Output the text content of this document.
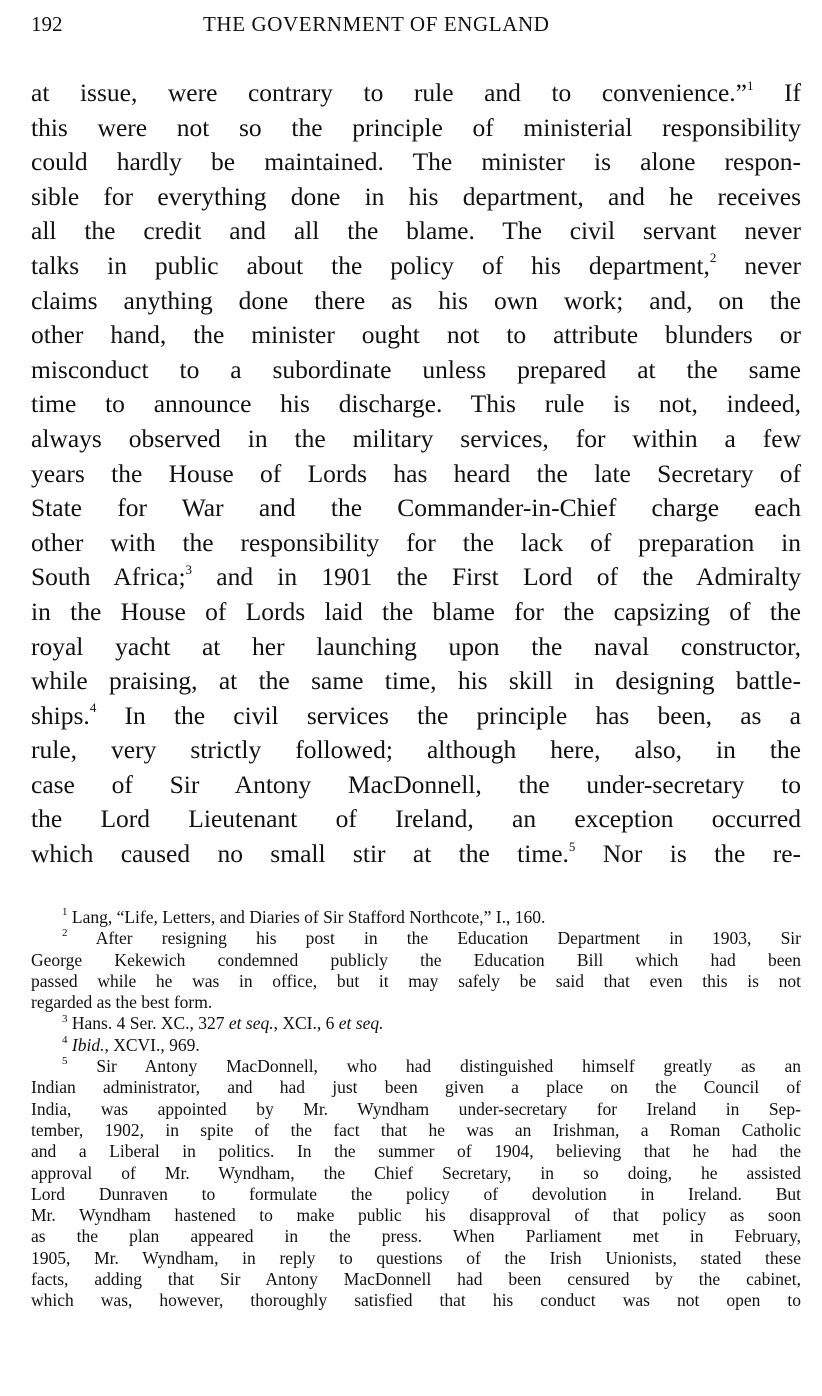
192	THE GOVERNMENT OF ENGLAND
at issue, were contrary to rule and to convenience.”$^1$ If
this were not so the principle of ministerial responsibility
could hardly be maintained. The minister is alone respon-
sible for everything done in his department, and he receives
all the credit and all the blame. The civil servant never
talks in public about the policy of his department,$^2$ never
claims anything done there as his own work; and, on the
other hand, the minister ought not to attribute blunders or
misconduct to a subordinate unless prepared at the same
time to announce his discharge. This rule is not, indeed,
always observed in the military services, for within a few
years the House of Lords has heard the late Secretary of
State for War and the Commander-in-Chief charge each
other with the responsibility for the lack of preparation in
South Africa;$^3$ and in 1901 the First Lord of the Admiralty
in the House of Lords laid the blame for the capsizing of the
royal yacht at her launching upon the naval constructor,
while praising, at the same time, his skill in designing battle-
ships.$^4$ In the civil services the principle has been, as a
rule, very strictly followed; although here, also, in the
case of Sir Antony MacDonnell, the under-secretary to
the Lord Lieutenant of Ireland, an exception occurred
which caused no small stir at the time.$^5$ Nor is the re-
$^1$ Lang, “Life, Letters, and Diaries of Sir Stafford Northcote,” I., 160.
$^2$ After resigning his post in the Education Department in 1903, Sir
George Kekewich condemned publicly the Education Bill which had been
passed while he was in office, but it may safely be said that even this is not
regarded as the best form.
$^3$ Hans. 4 Ser. XC., 327 et seq., XCI., 6 et seq.
$^4$ Ibid., XCVI., 969.
$^5$ Sir Antony MacDonnell, who had distinguished himself greatly as an
Indian administrator, and had just been given a place on the Council of
India, was appointed by Mr. Wyndham under-secretary for Ireland in Sep-
tember, 1902, in spite of the fact that he was an Irishman, a Roman Catholic
and a Liberal in politics. In the summer of 1904, believing that he had the
approval of Mr. Wyndham, the Chief Secretary, in so doing, he assisted
Lord Dunraven to formulate the policy of devolution in Ireland. But
Mr. Wyndham hastened to make public his disapproval of that policy as soon
as the plan appeared in the press. When Parliament met in February,
1905, Mr. Wyndham, in reply to questions of the Irish Unionists, stated these
facts, adding that Sir Antony MacDonnell had been censured by the cabinet,
which was, however, thoroughly satisfied that his conduct was not open to
